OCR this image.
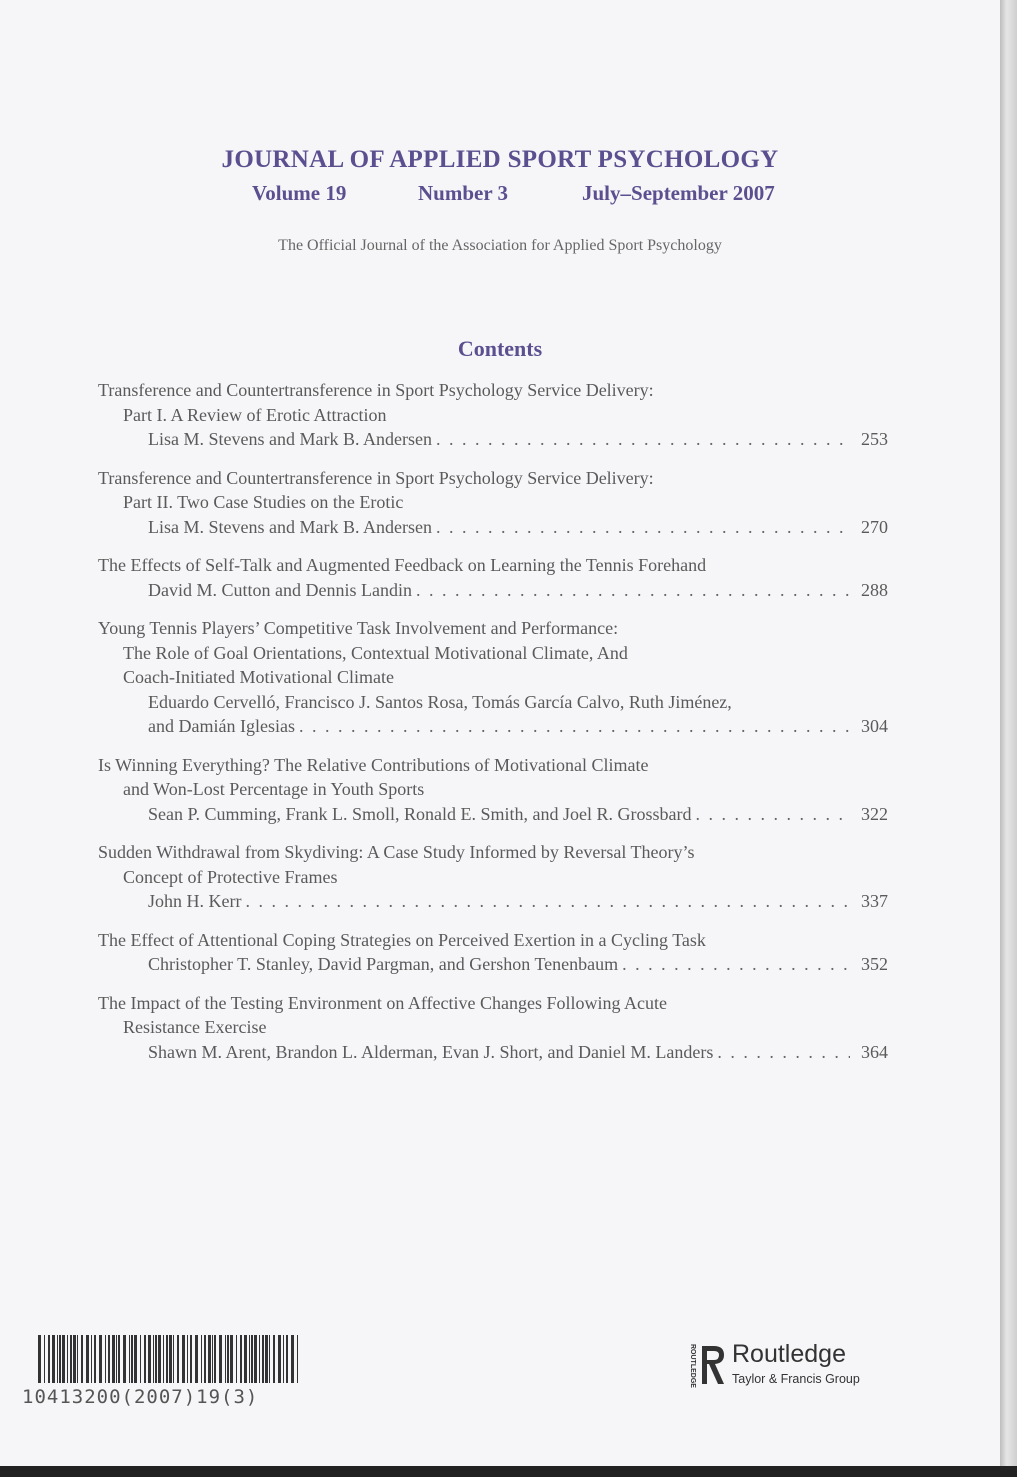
JOURNAL OF APPLIED SPORT PSYCHOLOGY
Volume 19	Number 3	July–September 2007
The Official Journal of the Association for Applied Sport Psychology
Contents
Transference and Countertransference in Sport Psychology Service Delivery:
Part I. A Review of Erotic Attraction
Lisa M. Stevens and Mark B. Andersen . . .	253
Transference and Countertransference in Sport Psychology Service Delivery:
Part II. Two Case Studies on the Erotic
Lisa M. Stevens and Mark B. Andersen . . .	270
The Effects of Self-Talk and Augmented Feedback on Learning the Tennis Forehand
David M. Cutton and Dennis Landin . . .	288
Young Tennis Players’ Competitive Task Involvement and Performance:
The Role of Goal Orientations, Contextual Motivational Climate, And
Coach-Initiated Motivational Climate
Eduardo Cervelló, Francisco J. Santos Rosa, Tomás García Calvo, Ruth Jiménez,
and Damián Iglesias . . .	304
Is Winning Everything? The Relative Contributions of Motivational Climate
and Won-Lost Percentage in Youth Sports
Sean P. Cumming, Frank L. Smoll, Ronald E. Smith, and Joel R. Grossbard . . .	322
Sudden Withdrawal from Skydiving: A Case Study Informed by Reversal Theory’s
Concept of Protective Frames
John H. Kerr . . .	337
The Effect of Attentional Coping Strategies on Perceived Exertion in a Cycling Task
Christopher T. Stanley, David Pargman, and Gershon Tenenbaum . . .	352
The Impact of the Testing Environment on Affective Changes Following Acute
Resistance Exercise
Shawn M. Arent, Brandon L. Alderman, Evan J. Short, and Daniel M. Landers . . .	364
10413200(2007)19(3)
ROUTLEDGE Routledge
Taylor & Francis Group
